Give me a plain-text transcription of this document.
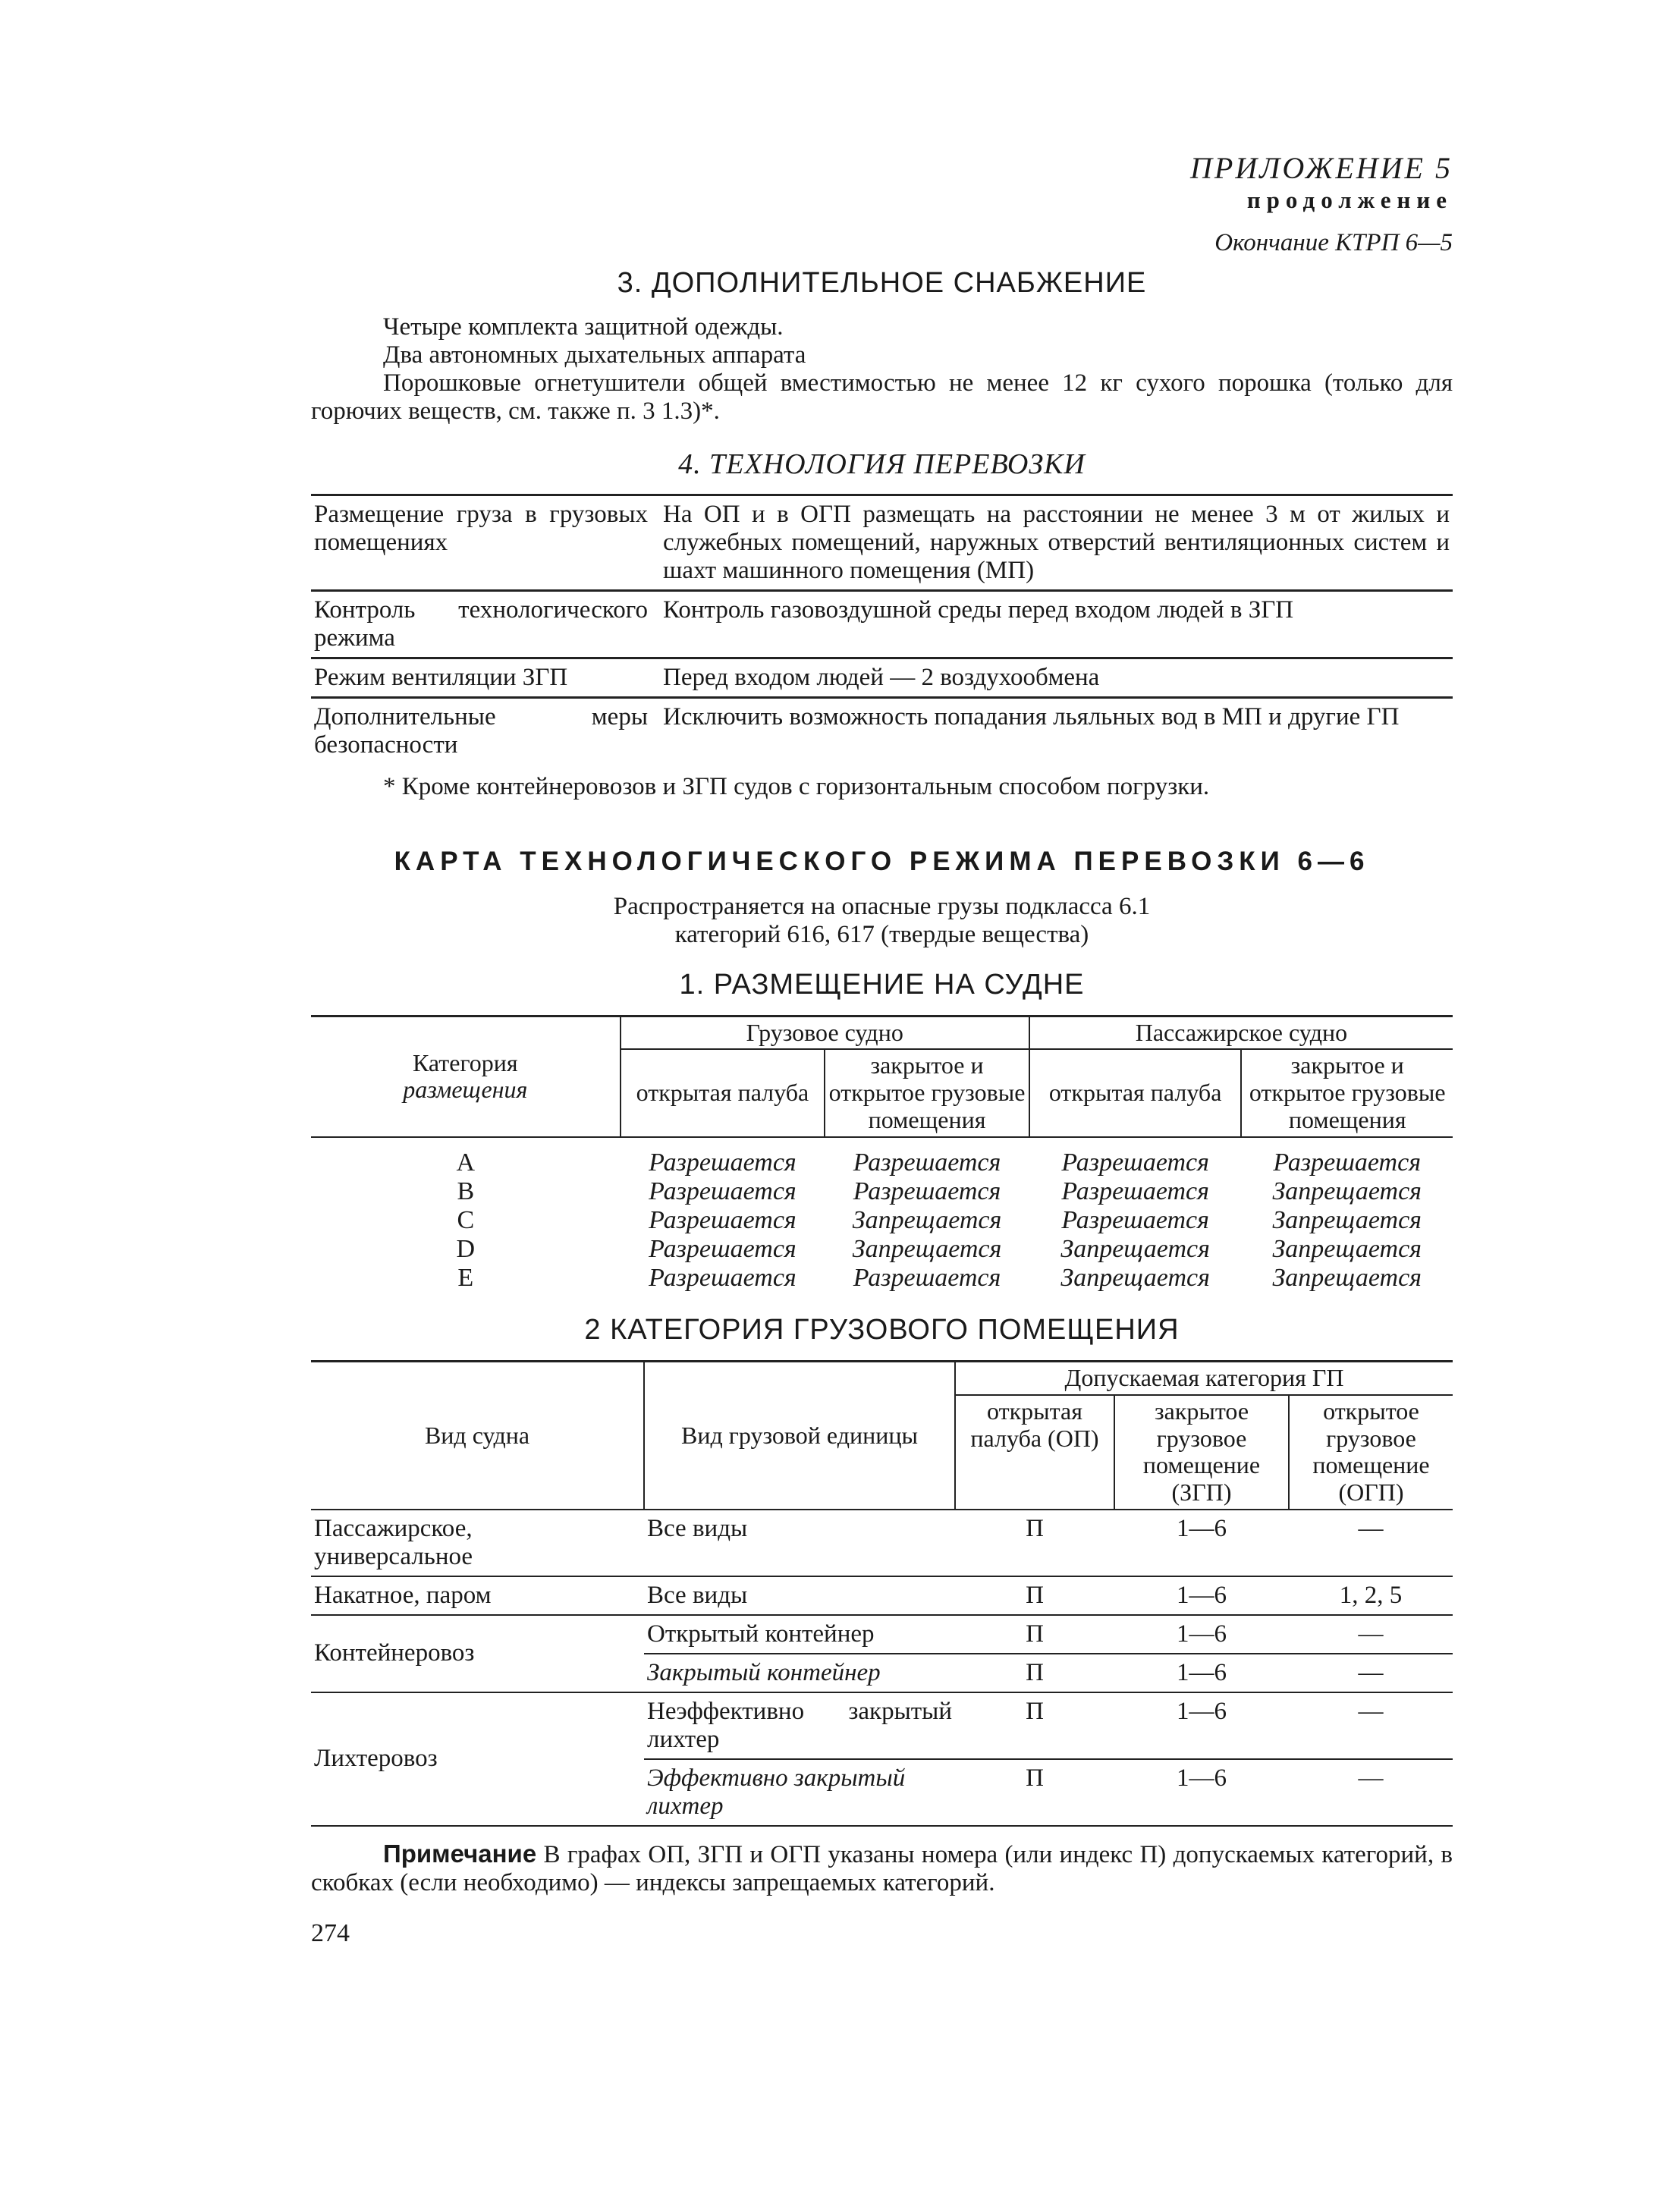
ПРИЛОЖЕНИЕ 5
продолжение
Окончание КТРП 6—5
3. ДОПОЛНИТЕЛЬНОЕ СНАБЖЕНИЕ

Четыре комплекта защитной одежды.

Два автономных дыхательных аппарата

Порошковые огнетушители общей вместимостью не менее 12 кг сухого порошка (только для горючих веществ, см. также п. 3 1.3)*.

4. ТЕХНОЛОГИЯ ПЕРЕВОЗКИ
Размещение груза в грузовых помещениях	На ОП и в ОГП размещать на расстоянии не менее 3 м от жилых и служебных помещений, наружных отверстий вентиляционных систем и шахт машинного помещения (МП)
Контроль технологического режима	Контроль газовоздушной среды перед входом людей в ЗГП
Режим вентиляции ЗГП	Перед входом людей — 2 воздухообмена
Дополнительные меры безопасности	Исключить возможность попадания льяльных вод в МП и другие ГП
* Кроме контейнеровозов и ЗГП судов с горизонтальным способом погрузки.
КАРТА ТЕХНОЛОГИЧЕСКОГО РЕЖИМА ПЕРЕВОЗКИ 6—6
Распространяется на опасные грузы подкласса 6.1
категорий 616, 617 (твердые вещества)
1. РАЗМЕЩЕНИЕ НА СУДНЕ
Категория
размещения	Грузовое судно		Пассажирское судно	
	открытая палуба	закрытое и открытое грузовые помещения	открытая палуба	закрытое и открытое грузовые помещения
A	Разрешается	Разрешается	Разрешается	Разрешается
B	Разрешается	Разрешается	Разрешается	Запрещается
C	Разрешается	Запрещается	Разрешается	Запрещается
D	Разрешается	Запрещается	Запрещается	Запрещается
E	Разрешается	Разрешается	Запрещается	Запрещается
2 КАТЕГОРИЯ ГРУЗОВОГО ПОМЕЩЕНИЯ
Вид судна	Вид грузовой единицы	Допускаемая категория ГП		
		открытая палуба (ОП)	закрытое грузовое помещение (ЗГП)	открытое грузовое помещение (ОГП)
Пассажирское, универсальное	Все виды	П	1—6	—
Накатное, паром	Все виды	П	1—6	1, 2, 5
Контейнеровоз	Открытый контейнер	П	1—6	—
	Закрытый контейнер	П	1—6	—
Лихтеровоз	Неэффективно закрытый лихтер	П	1—6	—
	Эффективно закрытый лихтер	П	1—6	—
Примечание В графах ОП, ЗГП и ОГП указаны номера (или индекс П) допускаемых категорий, в скобках (если необходимо) — индексы запрещаемых категорий.
274
